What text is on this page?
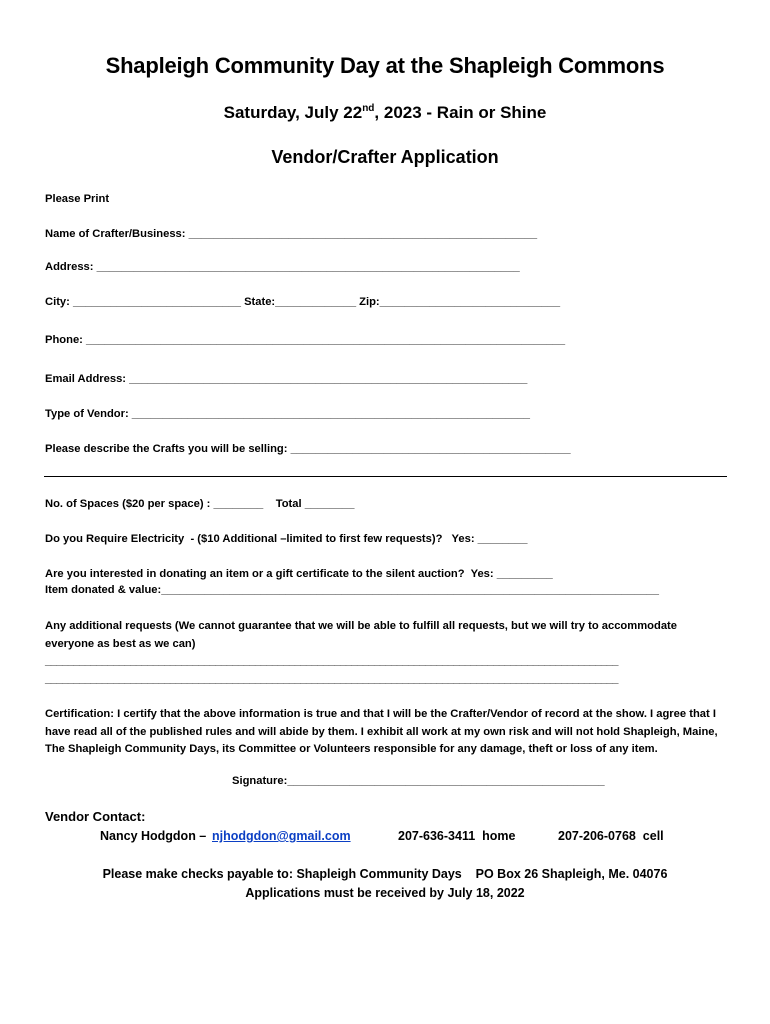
Shapleigh Community Day at the Shapleigh Commons
Saturday, July 22nd, 2023 - Rain or Shine
Vendor/Crafter Application
Please Print
Name of Crafter/Business: ________________________________________________________
Address: ____________________________________________________________________
City: ___________________________ State:_____________ Zip:_____________________________
Phone: _____________________________________________________________________________
Email Address: ________________________________________________________________
Type of Vendor: ________________________________________________________________
Please describe the Crafts you will be selling: _____________________________________________
No. of Spaces ($20 per space) : ________    Total ________
Do you Require Electricity  - ($10 Additional –limited to first few requests)?   Yes: ________
Are you interested in donating an item or a gift certificate to the silent auction?  Yes: _________
Item donated & value:________________________________________________________________________________
Any additional requests (We cannot guarantee that we will be able to fulfill all requests, but we will try to accommodate everyone as best as we can)
_____________________________________________________________________________________________________
_____________________________________________________________________________________________________
Certification: I certify that the above information is true and that I will be the Crafter/Vendor of record at the show. I agree that I have read all of the published rules and will abide by them. I exhibit all work at my own risk and will not hold Shapleigh, Maine, The Shapleigh Community Days, its Committee or Volunteers responsible for any damage, theft or loss of any item.
Signature:___________________________________________________
Vendor Contact:
Nancy Hodgdon – njhodgdon@gmail.com	207-636-3411  home	207-206-0768  cell
Please make checks payable to: Shapleigh Community Days    PO Box 26 Shapleigh, Me. 04076
Applications must be received by July 18, 2022
